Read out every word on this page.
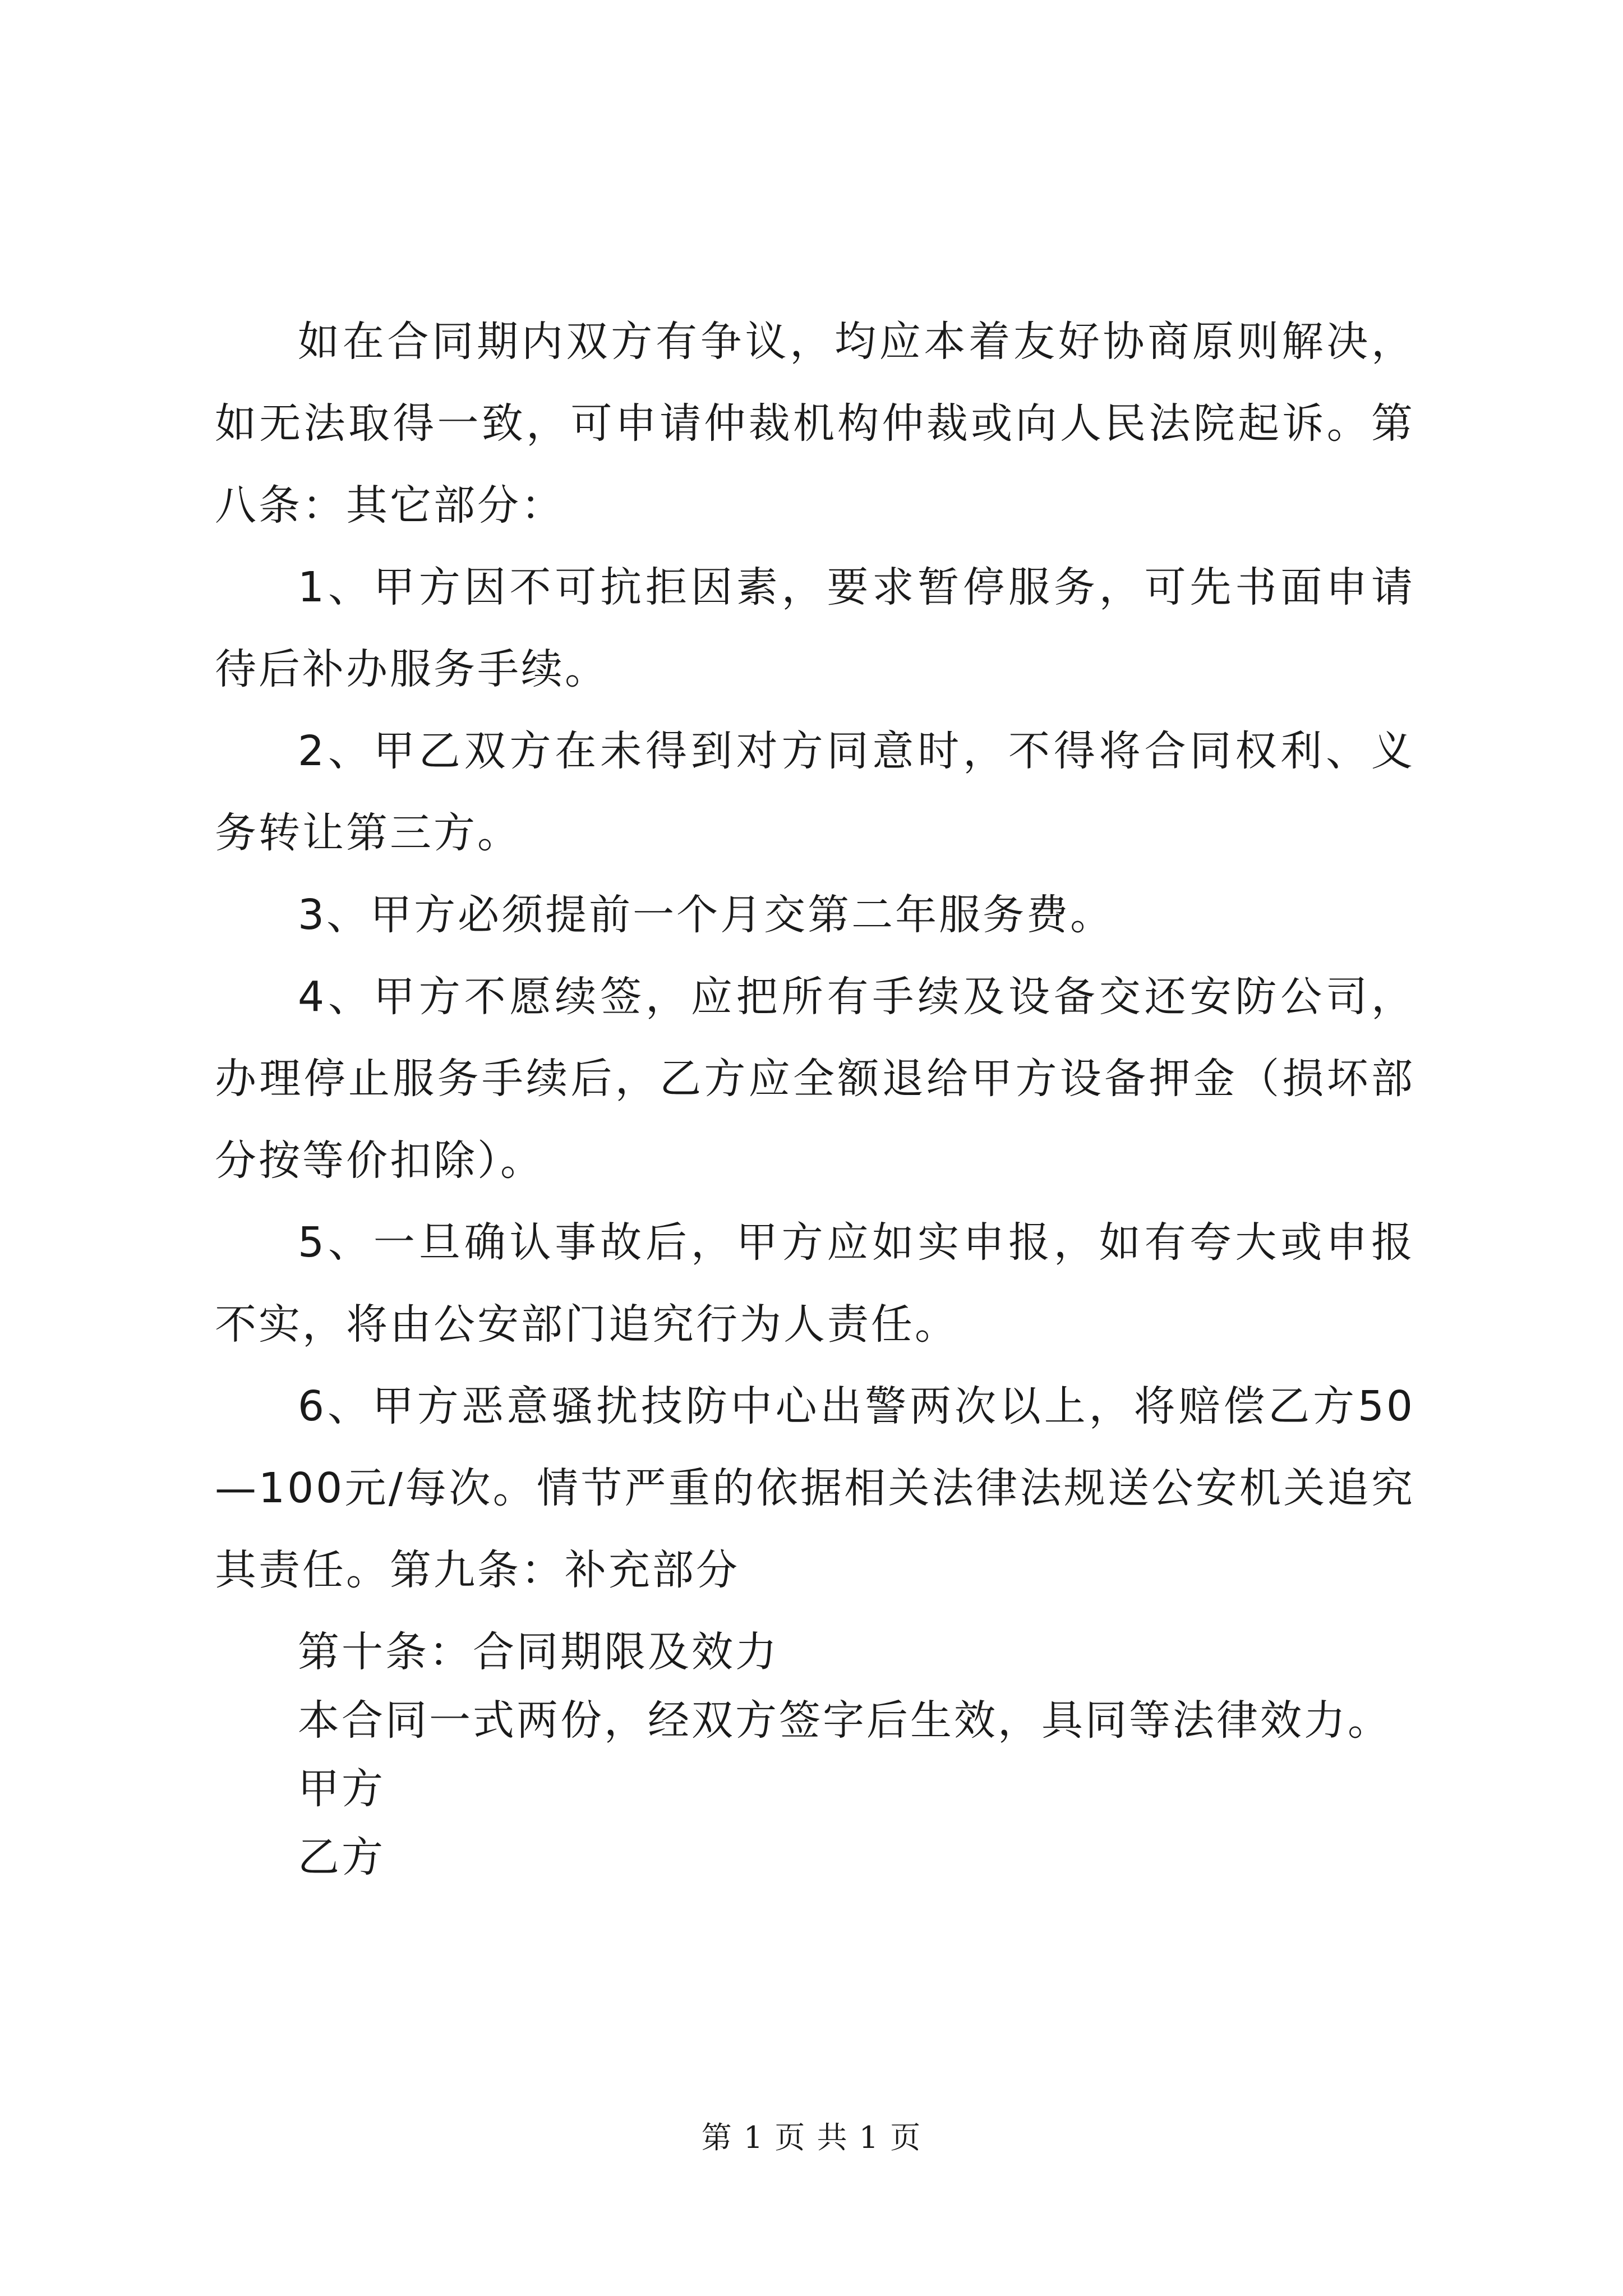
如在合同期内双方有争议，均应本着友好协商原则解决，如无法取得一致，可申请仲裁机构仲裁或向人民法院起诉。第八条：其它部分：

1、甲方因不可抗拒因素，要求暂停服务，可先书面申请待后补办服务手续。

2、甲乙双方在未得到对方同意时，不得将合同权利、义务转让第三方。

3、甲方必须提前一个月交第二年服务费。

4、甲方不愿续签，应把所有手续及设备交还安防公司，办理停止服务手续后，乙方应全额退给甲方设备押金（损坏部分按等价扣除）。

5、一旦确认事故后，甲方应如实申报，如有夸大或申报不实，将由公安部门追究行为人责任。

6、甲方恶意骚扰技防中心出警两次以上，将赔偿乙方50—100元/每次。情节严重的依据相关法律法规送公安机关追究其责任。第九条：补充部分

第十条：合同期限及效力

本合同一式两份，经双方签字后生效，具同等法律效力。

甲方

乙方

第 1 页 共 1 页
